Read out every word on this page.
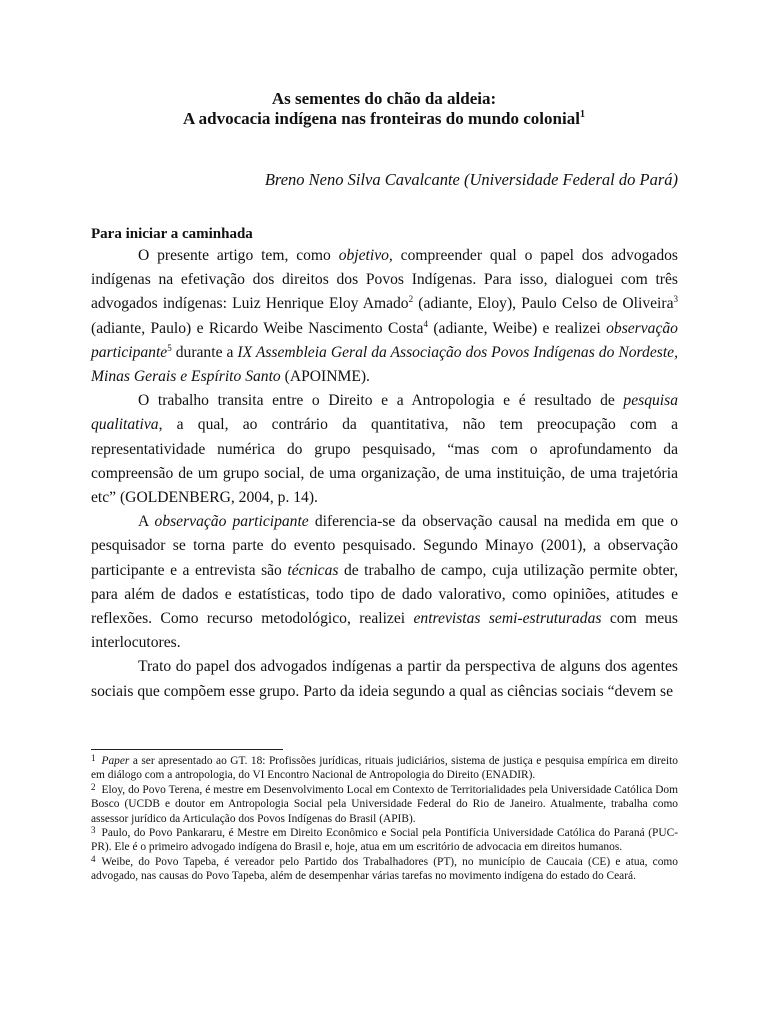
As sementes do chão da aldeia:
A advocacia indígena nas fronteiras do mundo colonial$^1$
Breno Neno Silva Cavalcante (Universidade Federal do Pará)
Para iniciar a caminhada

O presente artigo tem, como objetivo, compreender qual o papel dos advogados indígenas na efetivação dos direitos dos Povos Indígenas. Para isso, dialoguei com três advogados indígenas: Luiz Henrique Eloy Amado$^2$ (adiante, Eloy), Paulo Celso de Oliveira$^3$ (adiante, Paulo) e Ricardo Weibe Nascimento Costa$^4$ (adiante, Weibe) e realizei observação participante$^5$ durante a IX Assembleia Geral da Associação dos Povos Indígenas do Nordeste, Minas Gerais e Espírito Santo (APOINME).

O trabalho transita entre o Direito e a Antropologia e é resultado de pesquisa qualitativa, a qual, ao contrário da quantitativa, não tem preocupação com a representatividade numérica do grupo pesquisado, “mas com o aprofundamento da compreensão de um grupo social, de uma organização, de uma instituição, de uma trajetória etc” (GOLDENBERG, 2004, p. 14).

A observação participante diferencia-se da observação causal na medida em que o pesquisador se torna parte do evento pesquisado. Segundo Minayo (2001), a observação participante e a entrevista são técnicas de trabalho de campo, cuja utilização permite obter, para além de dados e estatísticas, todo tipo de dado valorativo, como opiniões, atitudes e reflexões. Como recurso metodológico, realizei entrevistas semi-estruturadas com meus interlocutores.

Trato do papel dos advogados indígenas a partir da perspectiva de alguns dos agentes sociais que compõem esse grupo. Parto da ideia segundo a qual as ciências sociais “devem se

$^1$ Paper a ser apresentado ao GT. 18: Profissões jurídicas, rituais judiciários, sistema de justiça e pesquisa empírica em direito em diálogo com a antropologia, do VI Encontro Nacional de Antropologia do Direito (ENADIR).

$^2$ Eloy, do Povo Terena, é mestre em Desenvolvimento Local em Contexto de Territorialidades pela Universidade Católica Dom Bosco (UCDB e doutor em Antropologia Social pela Universidade Federal do Rio de Janeiro. Atualmente, trabalha como assessor jurídico da Articulação dos Povos Indígenas do Brasil (APIB).

$^3$ Paulo, do Povo Pankararu, é Mestre em Direito Econômico e Social pela Pontifícia Universidade Católica do Paraná (PUC-PR). Ele é o primeiro advogado indígena do Brasil e, hoje, atua em um escritório de advocacia em direitos humanos.

$^4$ Weibe, do Povo Tapeba, é vereador pelo Partido dos Trabalhadores (PT), no município de Caucaia (CE) e atua, como advogado, nas causas do Povo Tapeba, além de desempenhar várias tarefas no movimento indígena do estado do Ceará.
